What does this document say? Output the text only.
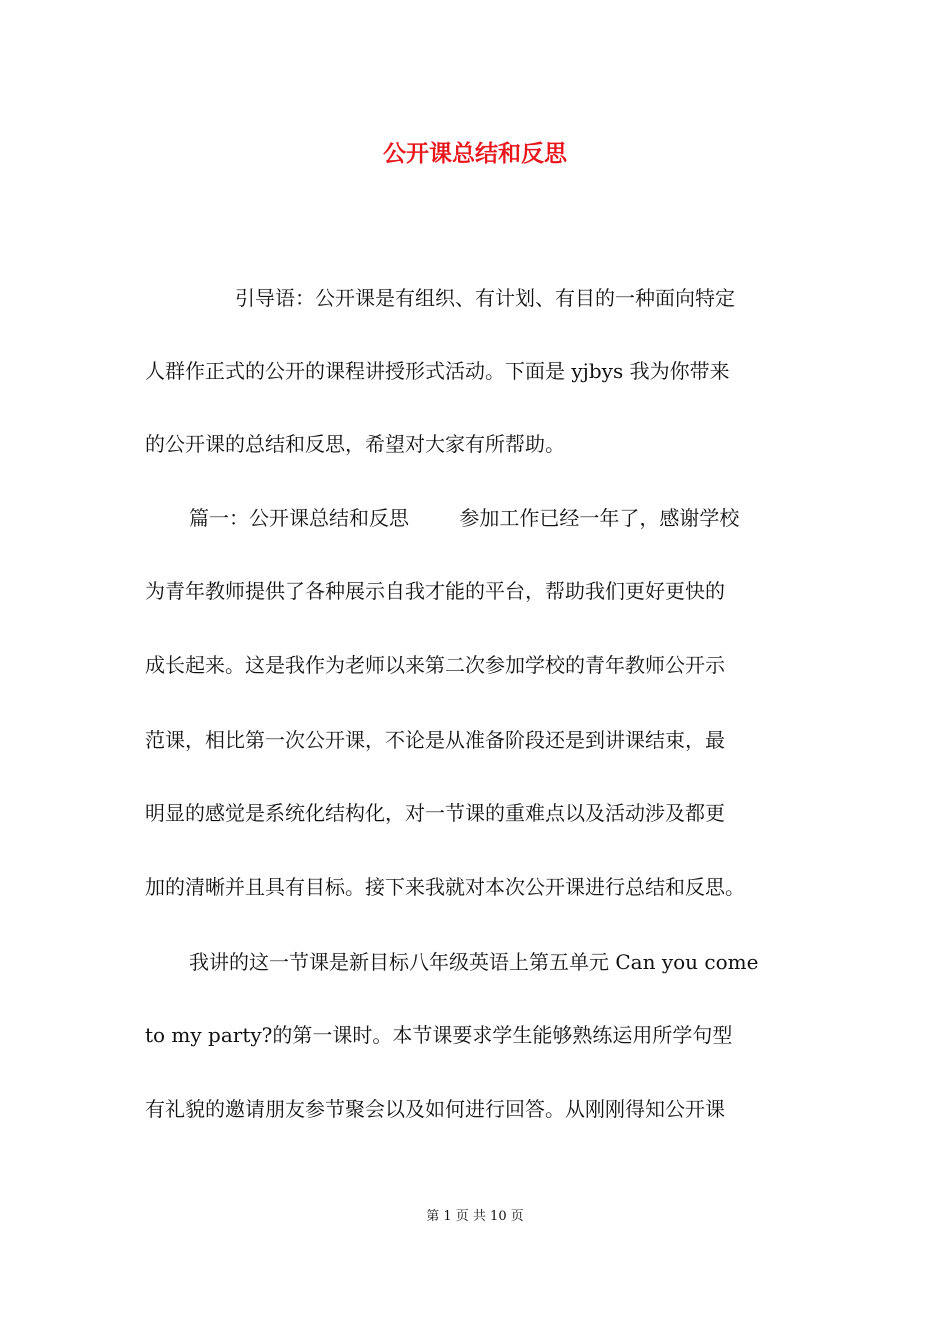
公开课总结和反思
引导语：公开课是有组织、有计划、有目的一种面向特定
人群作正式的公开的课程讲授形式活动。下面是 yjbys 我为你带来
的公开课的总结和反思，希望对大家有所帮助。
篇一：公开课总结和反思 参加工作已经一年了，感谢学校
为青年教师提供了各种展示自我才能的平台，帮助我们更好更快的
成长起来。这是我作为老师以来第二次参加学校的青年教师公开示
范课，相比第一次公开课，不论是从准备阶段还是到讲课结束，最
明显的感觉是系统化结构化，对一节课的重难点以及活动涉及都更
加的清晰并且具有目标。接下来我就对本次公开课进行总结和反思。
我讲的这一节课是新目标八年级英语上第五单元 Can you come
to my party?的第一课时。本节课要求学生能够熟练运用所学句型
有礼貌的邀请朋友参节聚会以及如何进行回答。从刚刚得知公开课
第 1 页 共 10 页
